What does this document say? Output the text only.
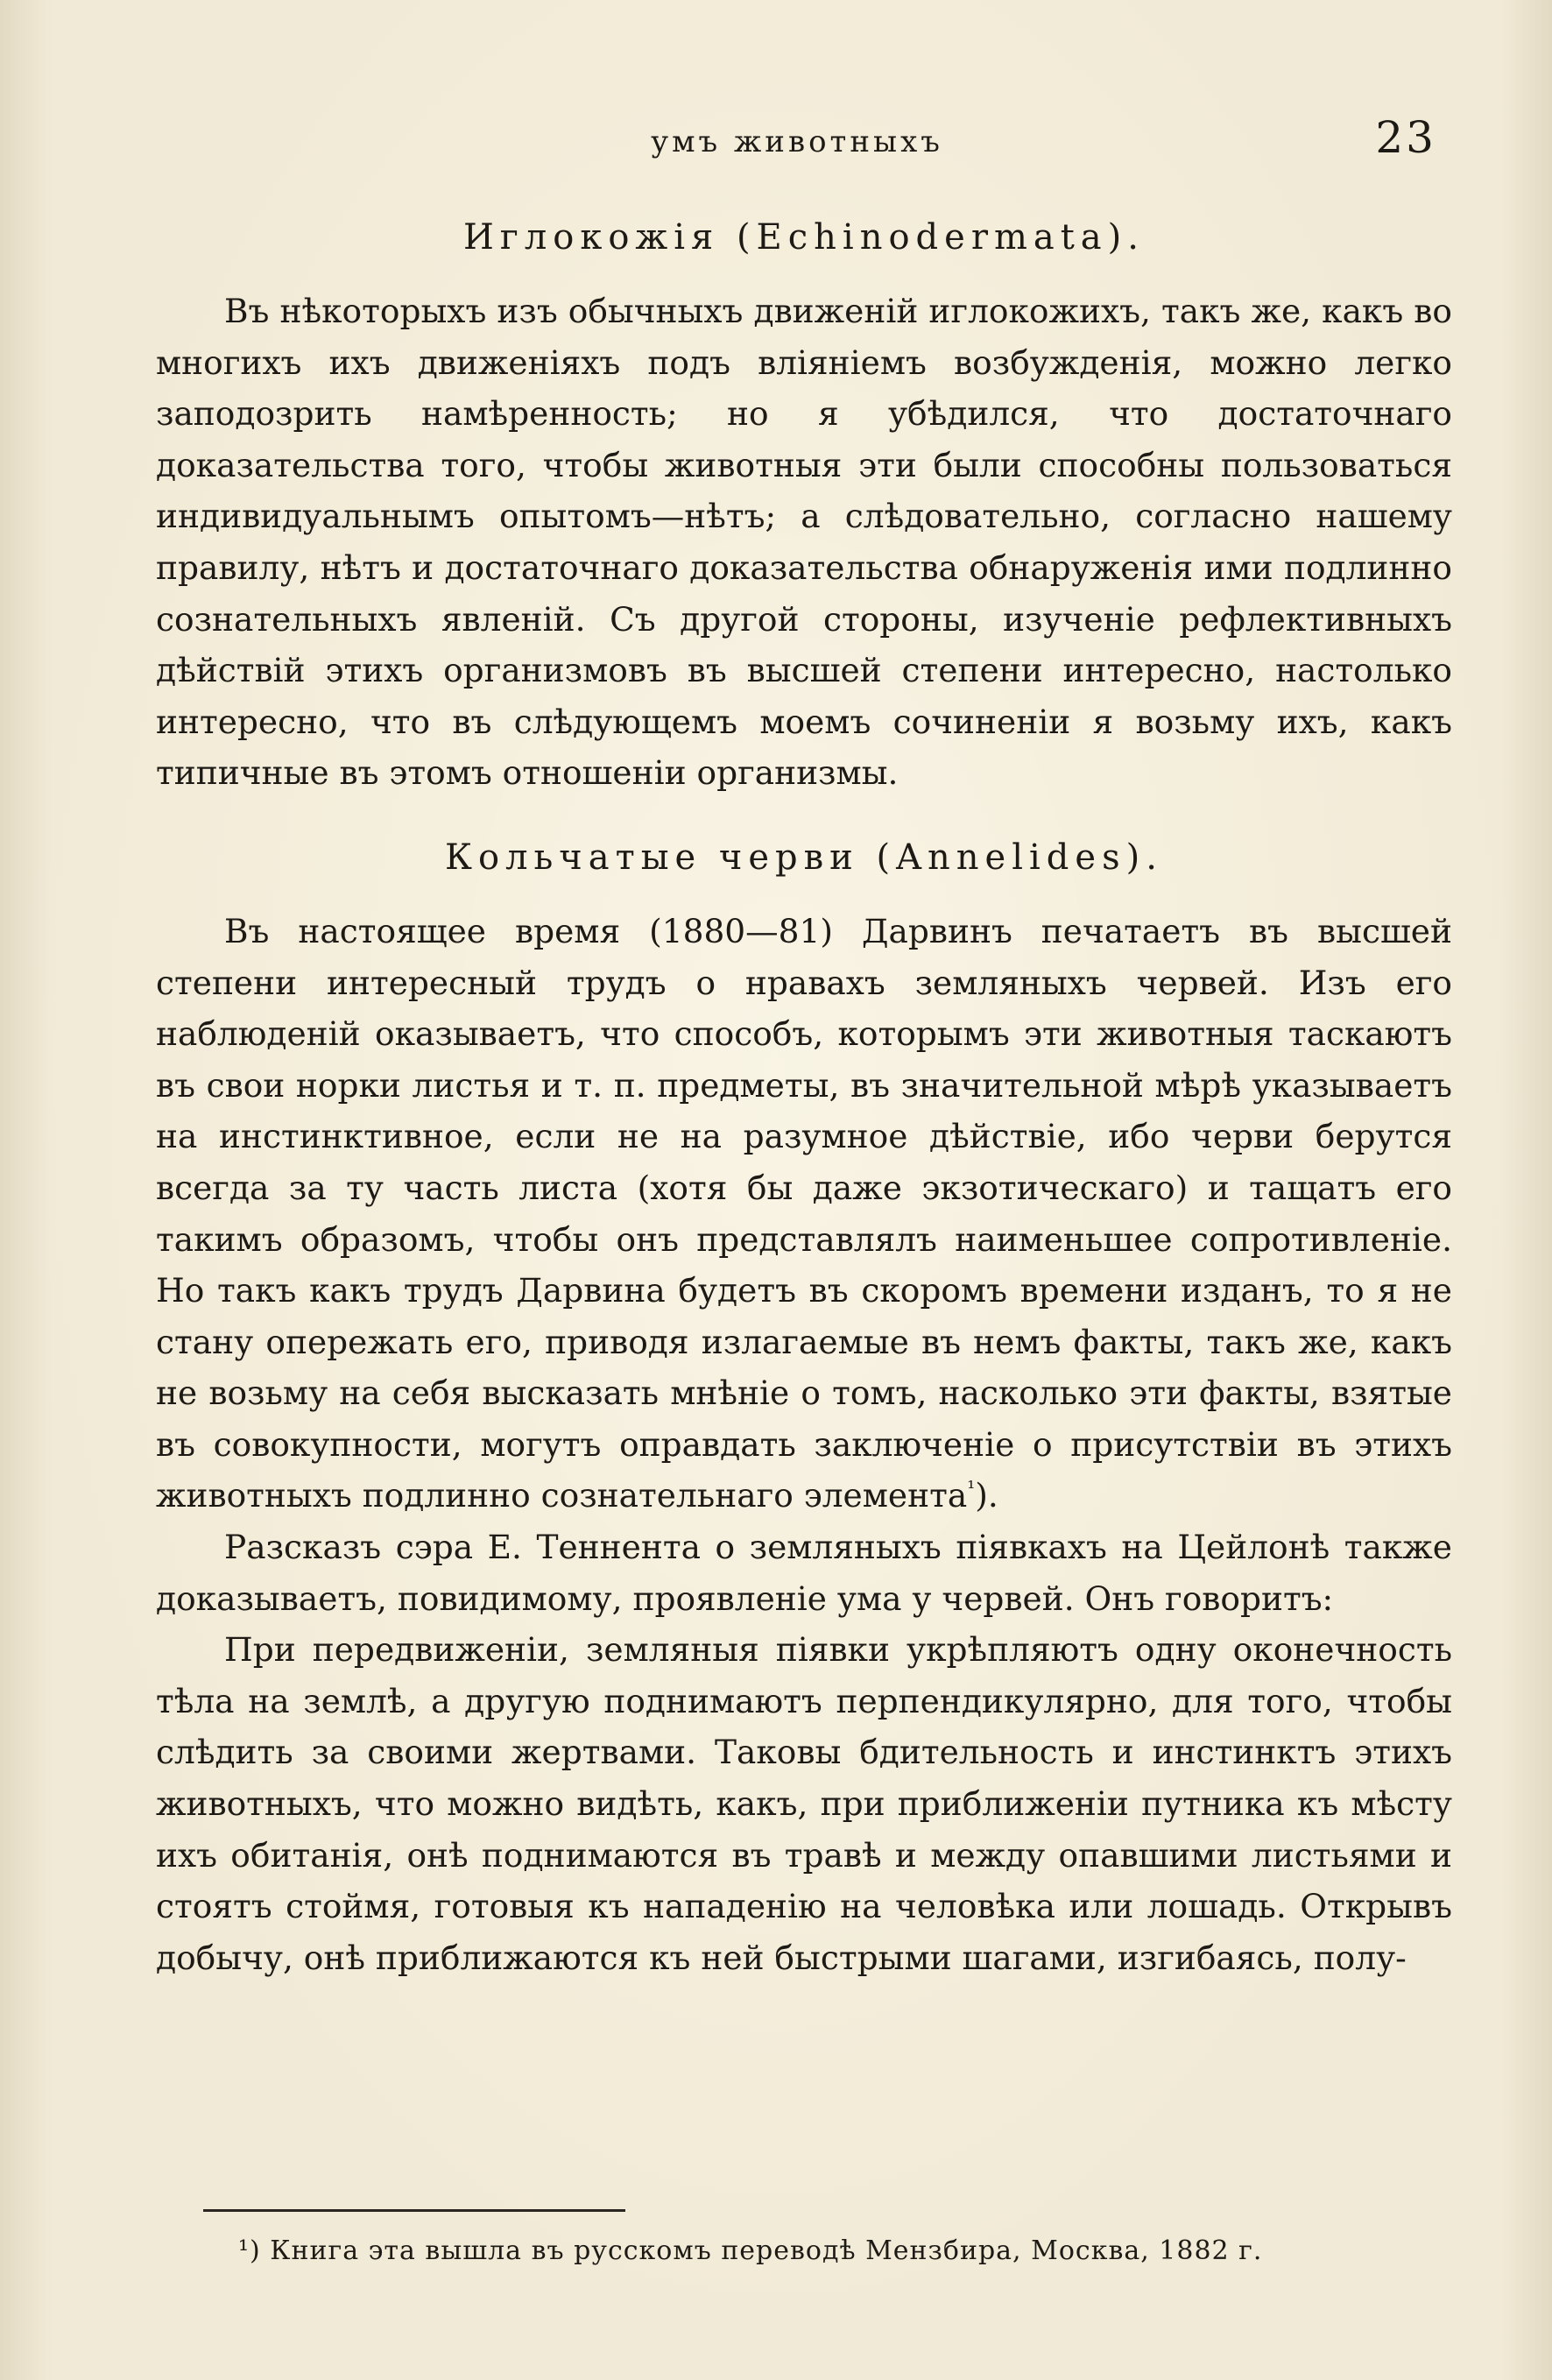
умъ животныхъ	23
Иглокожія (Echinodermata).

Въ нѣкоторыхъ изъ обычныхъ движеній иглокожихъ, такъ же, какъ во многихъ ихъ движеніяхъ подъ вліяніемъ возбужденія, можно легко заподозрить намѣренность; но я убѣдился, что достаточнаго доказательства того, чтобы животныя эти были способны пользоваться индивидуальнымъ опытомъ—нѣтъ; а слѣдовательно, согласно нашему правилу, нѣтъ и достаточнаго доказательства обнаруженія ими подлинно сознательныхъ явленій. Съ другой стороны, изученіе рефлективныхъ дѣйствій этихъ организмовъ въ высшей степени интересно, настолько интересно, что въ слѣдующемъ моемъ сочиненіи я возьму ихъ, какъ типичные въ этомъ отношеніи организмы.

Кольчатые черви (Annelides).

Въ настоящее время (1880—81) Дарвинъ печатаетъ въ высшей степени интересный трудъ о нравахъ земляныхъ червей. Изъ его наблюденій оказываетъ, что способъ, которымъ эти животныя таскаютъ въ свои норки листья и т. п. предметы, въ значительной мѣрѣ указываетъ на инстинктивное, если не на разумное дѣйствіе, ибо черви берутся всегда за ту часть листа (хотя бы даже экзотическаго) и тащатъ его такимъ образомъ, чтобы онъ представлялъ наименьшее сопротивленіе. Но такъ какъ трудъ Дарвина будетъ въ скоромъ времени изданъ, то я не стану опережать его, приводя излагаемые въ немъ факты, такъ же, какъ не возьму на себя высказать мнѣніе о томъ, насколько эти факты, взятые въ совокупности, могутъ оправдать заключеніе о присутствіи въ этихъ животныхъ подлинно сознательнаго элемента$^{^1}$).

Разсказъ сэра Е. Теннента о земляныхъ піявкахъ на Цейлонѣ также доказываетъ, повидимому, проявленіе ума у червей. Онъ говоритъ:

При передвиженіи, земляныя піявки укрѣпляютъ одну оконечность тѣла на землѣ, а другую поднимаютъ перпендикулярно, для того, чтобы слѣдить за своими жертвами. Таковы бдительность и инстинктъ этихъ животныхъ, что можно видѣть, какъ, при приближеніи путника къ мѣсту ихъ обитанія, онѣ поднимаются въ травѣ и между опавшими листьями и стоятъ стоймя, готовыя къ нападенію на человѣка или лошадь. Открывъ добычу, онѣ приближаются къ ней быстрыми шагами, изгибаясь, полу-

¹) Книга эта вышла въ русскомъ переводѣ Мензбира, Москва, 1882 г.
